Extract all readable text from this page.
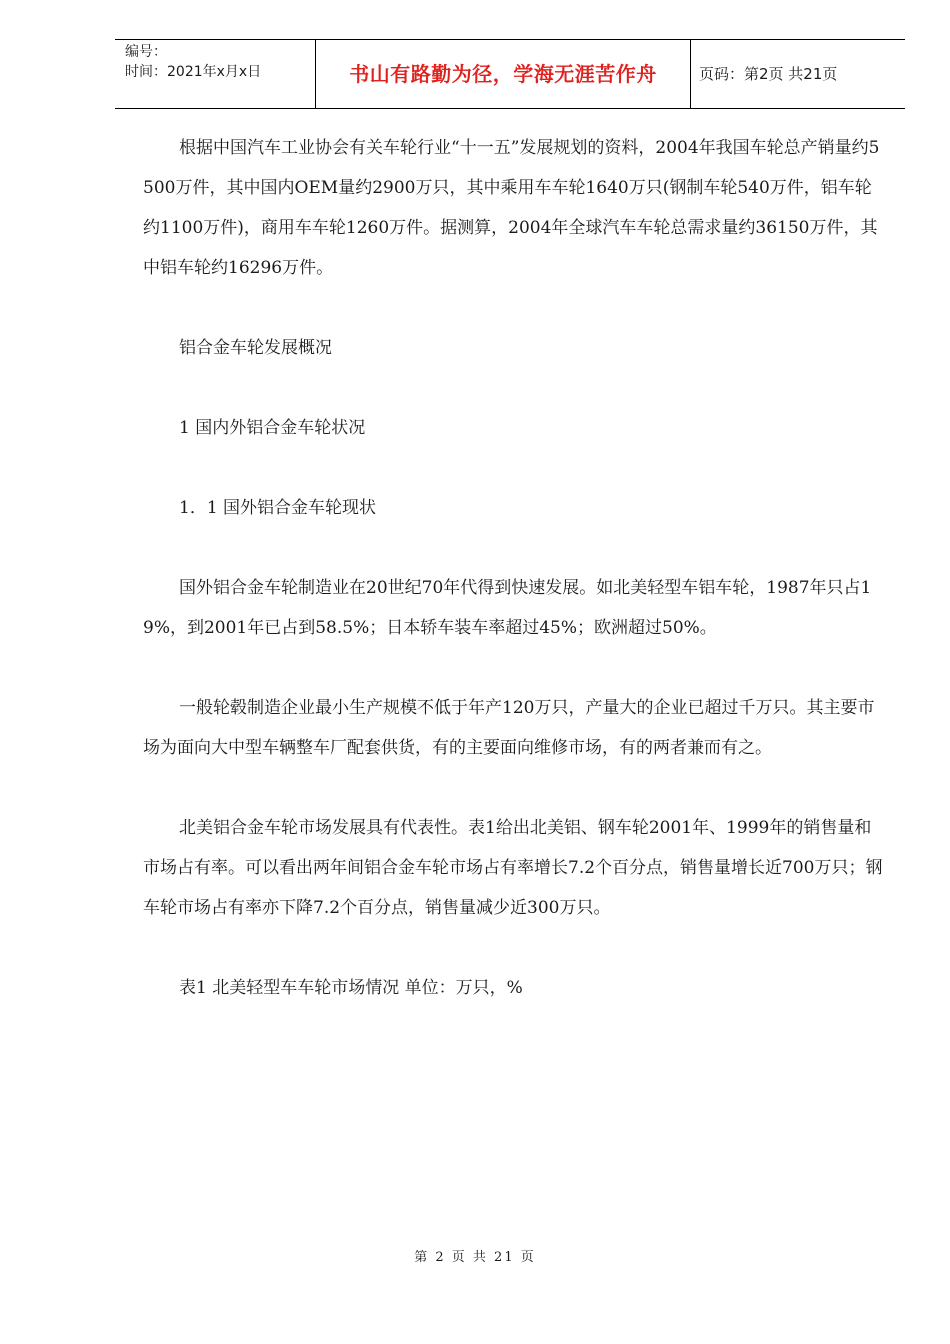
编号：
时间：2021年x月x日	书山有路勤为径，学海无涯苦作舟	页码：第2页 共21页

根据中国汽车工业协会有关车轮行业“十一五”发展规划的资料，2004年我国车轮总产销量约5500万件，其中国内OEM量约2900万只，其中乘用车车轮1640万只(钢制车轮540万件，铝车轮约1100万件)，商用车车轮1260万件。据测算，2004年全球汽车车轮总需求量约36150万件，其中铝车轮约16296万件。

铝合金车轮发展概况

1 国内外铝合金车轮状况

1．1 国外铝合金车轮现状

国外铝合金车轮制造业在20世纪70年代得到快速发展。如北美轻型车铝车轮，1987年只占19%，到2001年已占到58.5%；日本轿车装车率超过45%；欧洲超过50%。

一般轮毂制造企业最小生产规模不低于年产120万只，产量大的企业已超过千万只。其主要市场为面向大中型车辆整车厂配套供货，有的主要面向维修市场，有的两者兼而有之。

北美铝合金车轮市场发展具有代表性。表1给出北美铝、钢车轮2001年、1999年的销售量和市场占有率。可以看出两年间铝合金车轮市场占有率增长7.2个百分点，销售量增长近700万只；钢车轮市场占有率亦下降7.2个百分点，销售量减少近300万只。

表1 北美轻型车车轮市场情况 单位：万只，%

第 2 页 共 21 页
